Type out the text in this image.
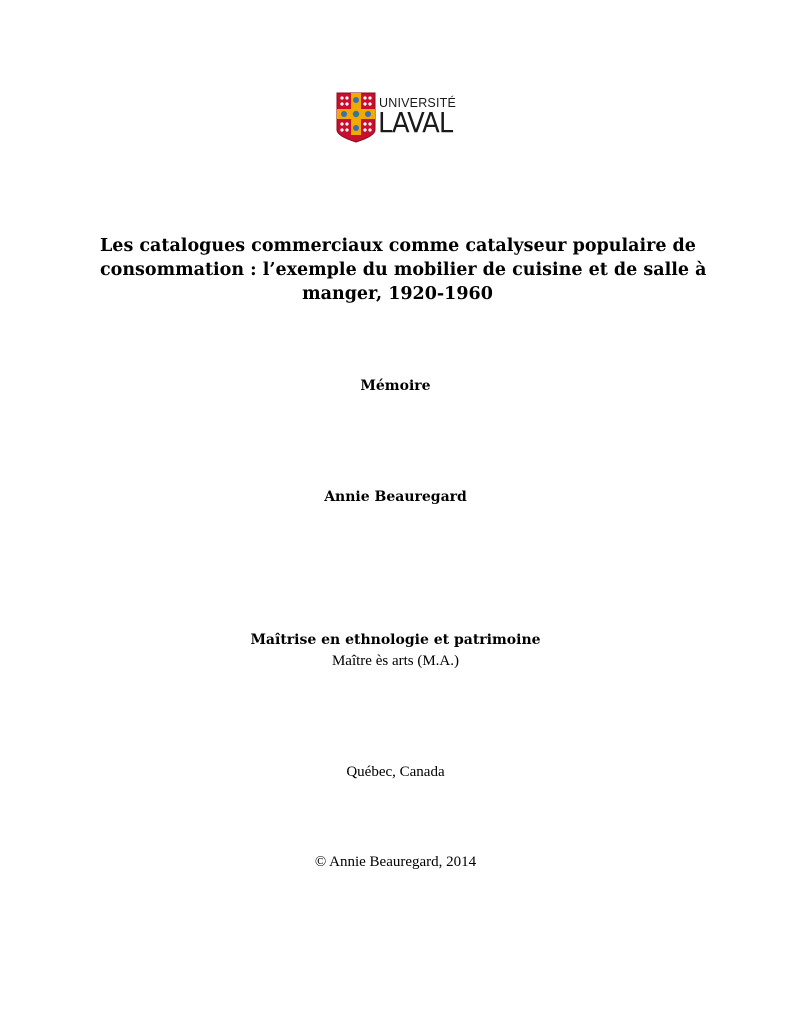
UNIVERSITÉ
LAVAL
Les catalogues commerciaux comme catalyseur populaire de
consommation : l’exemple du mobilier de cuisine et de salle à
manger, 1920-1960
Mémoire
Annie Beauregard
Maîtrise en ethnologie et patrimoine
Maître ès arts (M.A.)
Québec, Canada
© Annie Beauregard, 2014
